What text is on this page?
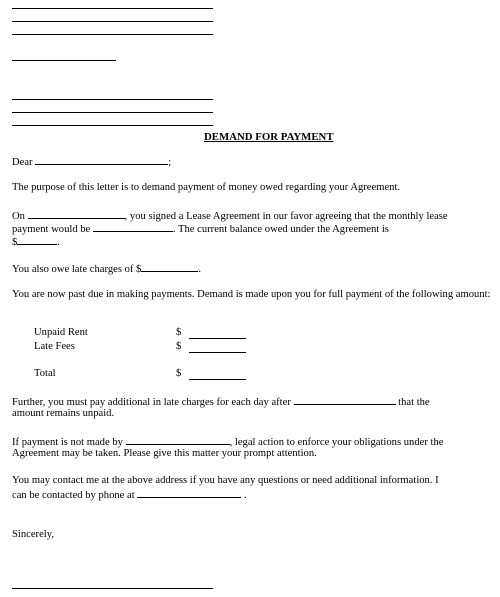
DEMAND FOR PAYMENT
Dear	;
The purpose of this letter is to demand payment of money owed regarding your Agreement.
On	, you signed a Lease Agreement in our favor agreeing that the monthly lease
payment would be	. The current balance owed under the Agreement is
$	.
You also owe late charges of $	.
You are now past due in making payments. Demand is made upon you for full payment of the following amount:
Unpaid Rent	$
Late Fees	$
Total	$
Further, you must pay additional in late charges for each day after	that the
amount remains unpaid.
If payment is not made by	, legal action to enforce your obligations under the
Agreement may be taken. Please give this matter your prompt attention.
You may contact me at the above address if you have any questions or need additional information. I
can be contacted by phone at	.
Sincerely,
